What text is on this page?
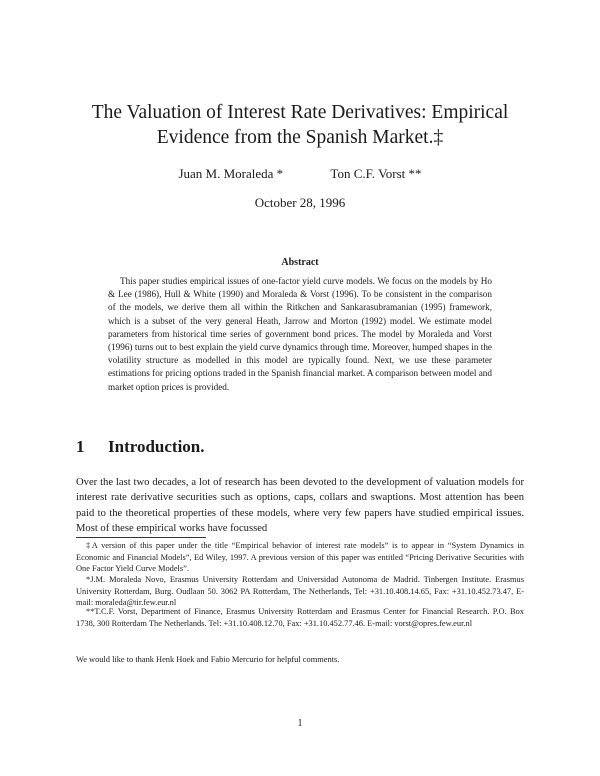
The Valuation of Interest Rate Derivatives: Empirical
Evidence from the Spanish Market.‡
Juan M. Moraleda *	Ton C.F. Vorst **
October 28, 1996
Abstract
This paper studies empirical issues of one-factor yield curve models. We focus on the models by Ho & Lee (1986), Hull & White (1990) and Moraleda & Vorst (1996). To be consistent in the comparison of the models, we derive them all within the Ritkchen and Sankarasubramanian (1995) framework, which is a subset of the very general Heath, Jarrow and Morton (1992) model. We estimate model parameters from historical time series of government bond prices. The model by Moraleda and Vorst (1996) turns out to best explain the yield curve dynamics through time. Moreover, humped shapes in the volatility structure as modelled in this model are typically found. Next, we use these parameter estimations for pricing options traded in the Spanish financial market. A comparison between model and market option prices is provided.
1 Introduction.
Over the last two decades, a lot of research has been devoted to the development of valuation models for interest rate derivative securities such as options, caps, collars and swaptions. Most attention has been paid to the theoretical properties of these models, where very few papers have studied empirical issues. Most of these empirical works have focussed
‡A version of this paper under the title “Empirical behavior of interest rate models” is to appear in “System Dynamics in Economic and Financial Models”, Ed Wiley, 1997. A previous version of this paper was entitled “Pricing Derivative Securities with One Factor Yield Curve Models”.
*J.M. Moraleda Novo, Erasmus University Rotterdam and Universidad Autonoma de Madrid. Tinbergen Institute. Erasmus University Rotterdam, Burg. Oudlaan 50. 3062 PA Rotterdam, The Netherlands, Tel: +31.10.408.14.65, Fax: +31.10.452.73.47, E-mail: moraleda@tir.few.eur.nl
**T.C.F. Vorst, Department of Finance, Erasmus University Rotterdam and Erasmus Center for Financial Research. P.O. Box 1738, 300 Rotterdam The Netherlands. Tel: +31.10.408.12.70, Fax: +31.10.452.77.46. E-mail: vorst@opres.few.eur.nl
We would like to thank Henk Hoek and Fabio Mercurio for helpful comments.
1
